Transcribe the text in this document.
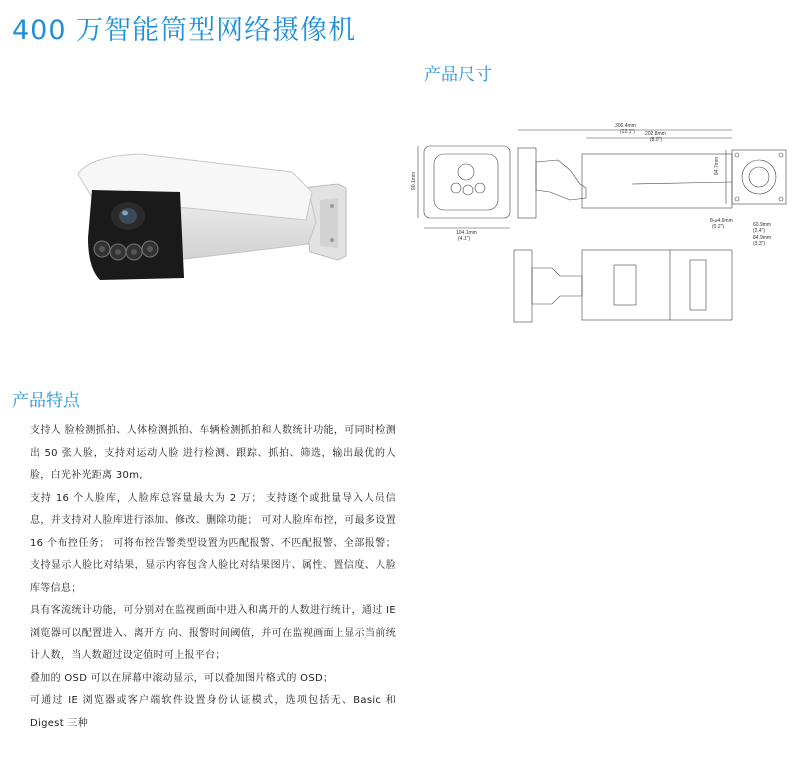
400 万智能筒型网络摄像机
产品尺寸
104.1mm
(4.1")
306.4mm
(12.1") 202.8mm
(8.0")
84.7mm
8-⌀4.6mm
(0.2")	60.9mm
(2.4")
84.9mm
(3.3")
90.1mm
产品特点

支持人 脸检测抓拍、人体检测抓拍、车辆检测抓拍和人数统计功能，可同时检测出 50 张人脸，支持对运动人脸 进行检测、跟踪、抓拍、筛选，输出最优的人脸，白光补光距离 30m,

支持 16 个人脸库，人脸库总容量最大为 2 万； 支持逐个或批量导入人员信息，并支持对人脸库进行添加、修改、删除功能； 可对人脸库布控，可最多设置 16 个布控任务； 可将布控告警类型设置为匹配报警、不匹配报警、全部报警； 支持显示人脸比对结果，显示内容包含人脸比对结果图片、属性、置信度、人脸库等信息；

具有客流统计功能，可分别对在监视画面中进入和离开的人数进行统计，通过 IE 浏览器可以配置进入、离开方 向、报警时间阈值，并可在监视画面上显示当前统计人数，当人数超过设定值时可上报平台；

叠加的 OSD 可以在屏幕中滚动显示，可以叠加图片格式的 OSD；

可通过 IE 浏览器或客户端软件设置身份认证模式，选项包括无、Basic 和 Digest 三种
